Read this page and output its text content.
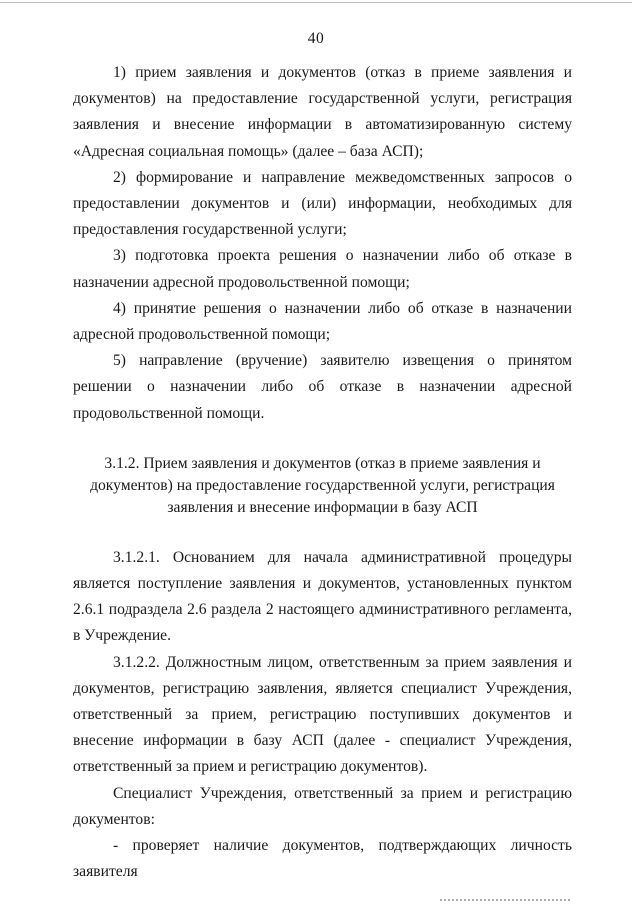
40

1) прием заявления и документов (отказ в приеме заявления и документов) на предоставление государственной услуги, регистрация заявления и внесение информации в автоматизированную систему «Адресная социальная помощь» (далее – база АСП);

2) формирование и направление межведомственных запросов о предоставлении документов и (или) информации, необходимых для предоставления государственной услуги;

3) подготовка проекта решения о назначении либо об отказе в назначении адресной продовольственной помощи;

4) принятие решения о назначении либо об отказе в назначении адресной продовольственной помощи;

5) направление (вручение) заявителю извещения о принятом решении о назначении либо об отказе в назначении адресной продовольственной помощи.

3.1.2. Прием заявления и документов (отказ в приеме заявления и документов) на предоставление государственной услуги, регистрация заявления и внесение информации в базу АСП

3.1.2.1. Основанием для начала административной процедуры является поступление заявления и документов, установленных пунктом 2.6.1 подраздела 2.6 раздела 2 настоящего административного регламента, в Учреждение.

3.1.2.2. Должностным лицом, ответственным за прием заявления и документов, регистрацию заявления, является специалист Учреждения, ответственный за прием, регистрацию поступивших документов и внесение информации в базу АСП (далее - специалист Учреждения, ответственный за прием и регистрацию документов).

Специалист Учреждения, ответственный за прием и регистрацию документов:

- проверяет наличие документов, подтверждающих личность заявителя
